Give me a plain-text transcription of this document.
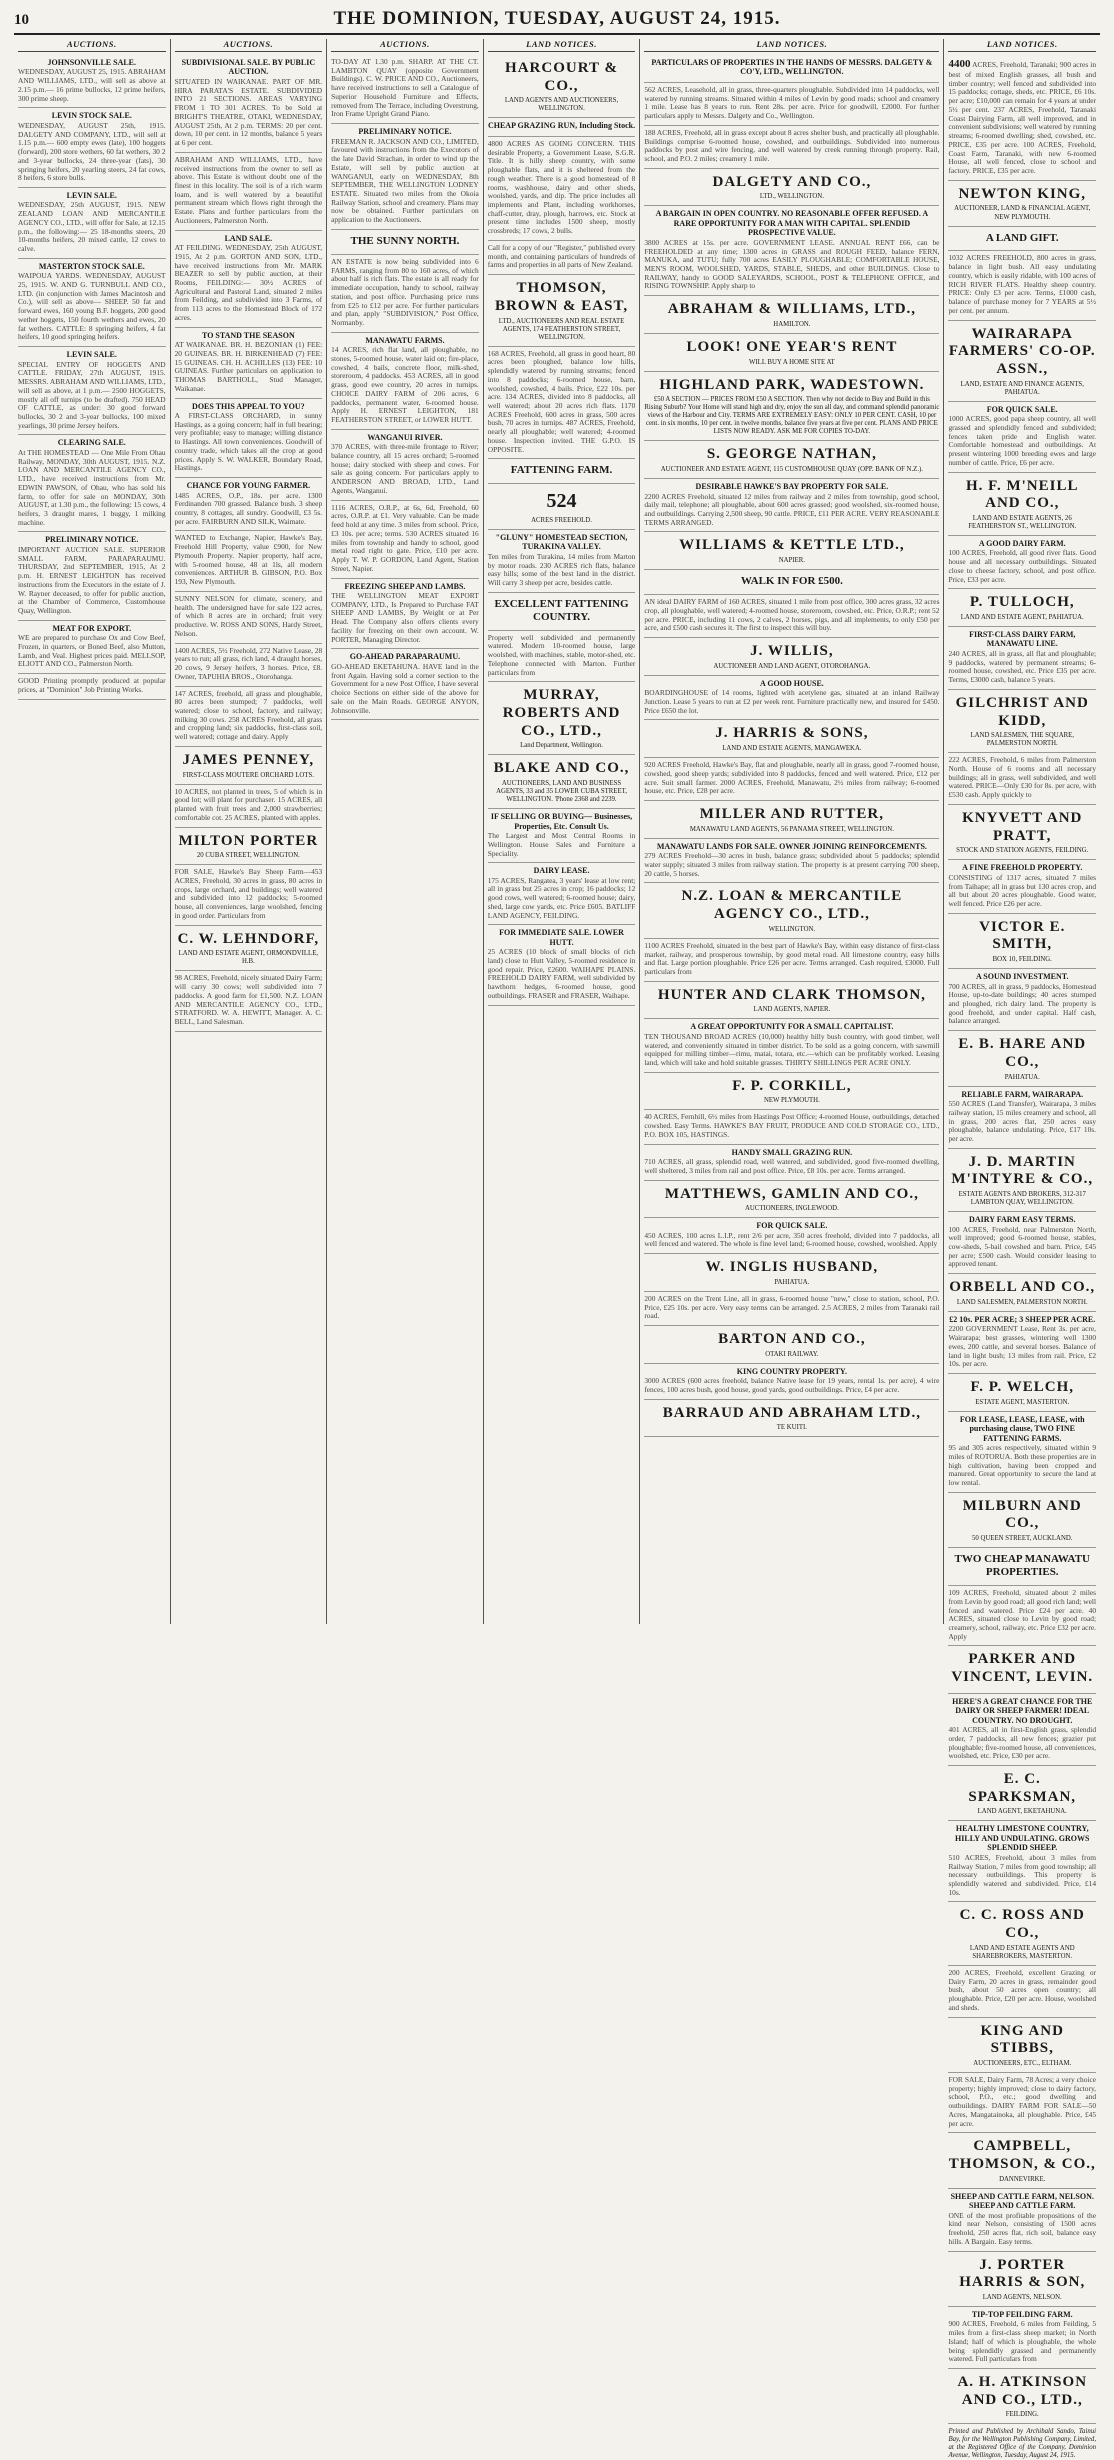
10	THE DOMINION, TUESDAY, AUGUST 24, 1915.
AUCTIONS.
JOHNSONVILLE SALE.
WEDNESDAY, AUGUST 25, 1915. ABRAHAM AND WILLIAMS, LTD., will sell as above at 2.15 p.m.— 16 prime bullocks, 12 prime heifers, 300 prime sheep.
LEVIN STOCK SALE.
WEDNESDAY, AUGUST 25th, 1915. DALGETY AND COMPANY, LTD., will sell at 1.15 p.m.— 600 empty ewes (late), 100 hoggets (forward), 200 store wethers, 60 fat wethers, 30 2 and 3-year bullocks, 24 three-year (fats), 30 springing heifers, 20 yearling steers, 24 fat cows, 8 heifers, 6 store bulls.
LEVIN SALE.
WEDNESDAY, 25th AUGUST, 1915. NEW ZEALAND LOAN AND MERCANTILE AGENCY CO., LTD., will offer for Sale, at 12.15 p.m., the following:— 25 18-months steers, 20 10-months heifers, 20 mixed cattle, 12 cows to calve.
MASTERTON STOCK SALE.
WAIPOUA YARDS. WEDNESDAY, AUGUST 25, 1915. W. AND G. TURNBULL AND CO., LTD. (in conjunction with James Macintosh and Co.), will sell as above— SHEEP. 50 fat and forward ewes, 160 young B.F. hoggets, 200 good wether hoggets, 150 fourth wethers and ewes, 20 fat wethers. CATTLE: 8 springing heifers, 4 fat heifers, 10 good springing heifers.
LEVIN SALE.
SPECIAL ENTRY OF HOGGETS AND CATTLE. FRIDAY, 27th AUGUST, 1915. MESSRS. ABRAHAM AND WILLIAMS, LTD., will sell as above, at 1 p.m.— 2500 HOGGETS, mostly all off turnips (to be drafted). 750 HEAD OF CATTLE, as under: 30 good forward bullocks, 30 2 and 3-year bullocks, 100 mixed yearlings, 30 prime Jersey heifers.
CLEARING SALE.
At THE HOMESTEAD — One Mile From Ohau Railway, MONDAY, 30th AUGUST, 1915. N.Z. LOAN AND MERCANTILE AGENCY CO., LTD., have received instructions from Mr. EDWIN PAWSON, of Ohau, who has sold his farm, to offer for sale on MONDAY, 30th AUGUST, at 1.30 p.m., the following: 15 cows, 4 heifers, 3 draught mares, 1 buggy, 1 milking machine.
PRELIMINARY NOTICE.
IMPORTANT AUCTION SALE. SUPERIOR SMALL FARM, PARAPARAUMU. THURSDAY, 2nd SEPTEMBER, 1915, At 2 p.m. H. ERNEST LEIGHTON has received instructions from the Executors in the estate of J. W. Rayner deceased, to offer for public auction, at the Chamber of Commerce, Customhouse Quay, Wellington.
MEAT FOR EXPORT.
WE are prepared to purchase Ox and Cow Beef, Frozen, in quarters, or Boned Beef, also Mutton, Lamb, and Veal. Highest prices paid. MELLSOP, ELIOTT AND CO., Palmerston North.
GOOD Printing promptly produced at popular prices, at "Dominion" Job Printing Works.
AUCTIONS.
SUBDIVISIONAL SALE. BY PUBLIC AUCTION.
SITUATED IN WAIKANAE. PART OF MR. HIRA PARATA'S ESTATE. SUBDIVIDED INTO 21 SECTIONS. AREAS VARYING FROM 1 TO 301 ACRES. To be Sold at BRIGHT'S THEATRE, OTAKI, WEDNESDAY, AUGUST 25th, At 2 p.m. TERMS: 20 per cent. down, 10 per cent. in 12 months, balance 5 years at 6 per cent.
ABRAHAM AND WILLIAMS, LTD., have received instructions from the owner to sell as above. This Estate is without doubt one of the finest in this locality. The soil is of a rich warm loam, and is well watered by a beautiful permanent stream which flows right through the Estate. Plans and further particulars from the Auctioneers, Palmerston North.
LAND SALE.
AT FEILDING. WEDNESDAY, 25th AUGUST, 1915, At 2 p.m. GORTON AND SON, LTD., have received instructions from Mr. MARK BEAZER to sell by public auction, at their Rooms, FEILDING:— 30½ ACRES of Agricultural and Pastoral Land, situated 2 miles from Feilding, and subdivided into 3 Farms, of from 113 acres to the Homestead Block of 172 acres.
TO STAND THE SEASON
AT WAIKANAE. BR. H. BEZONIAN (1) FEE: 20 GUINEAS. BR. H. BIRKENHEAD (7) FEE: 15 GUINEAS. CH. H. ACHILLES (13) FEE: 10 GUINEAS. Further particulars on application to THOMAS BARTHOLL, Stud Manager, Waikanae.
DOES THIS APPEAL TO YOU?
A FIRST-CLASS ORCHARD, in sunny Hastings, as a going concern; half in full bearing; very profitable; easy to manage; willing distance to Hastings. All town conveniences. Goodwill of country trade, which takes all the crop at good prices. Apply S. W. WALKER, Boundary Road, Hastings.
CHANCE FOR YOUNG FARMER.
1485 ACRES, O.P., 18s. per acre. 1300 Ferdinanden 700 grassed. Balance bush. 3 sheep country, 8 cottages, all sundry. Goodwill, £3 5s. per acre. FAIRBURN AND SILK, Waimate.
WANTED to Exchange, Napier, Hawke's Bay, Freehold Hill Property, value £900, for New Plymouth Property. Napier property, half acre, with 5-roomed house, 48 at 1ls, all modern conveniences. ARTHUR B. GIBSON, P.O. Box 193, New Plymouth.
SUNNY NELSON for climate, scenery, and health. The undersigned have for sale 122 acres, of which 8 acres are in orchard; fruit very productive. W. ROSS AND SONS, Hardy Street, Nelson.
1400 ACRES, 5½ Freehold, 272 Native Lease, 28 years to run; all grass, rich land, 4 draught horses, 20 cows, 9 Jersey heifers, 3 horses. Price, £8. Owner, TAPUHIA BROS., Otorohanga.
147 ACRES, freehold, all grass and ploughable, 80 acres been stumped; 7 paddocks, well watered; close to school, factory, and railway; milking 30 cows. 258 ACRES Freehold, all grass and cropping land; six paddocks, first-class soil, well watered; cottage and dairy. Apply
JAMES PENNEY,
FIRST-CLASS MOUTERE ORCHARD LOTS.
10 ACRES, not planted in trees, 5 of which is in good lot; will plant for purchaser. 15 ACRES, all planted with fruit trees and 2,000 strawberries; comfortable cot. 25 ACRES, planted with apples.
MILTON PORTER
20 CUBA STREET, WELLINGTON.
FOR SALE, Hawke's Bay Sheep Farm—453 ACRES, Freehold, 30 acres in grass, 80 acres in crops, large orchard, and buildings; well watered and subdivided into 12 paddocks; 5-roomed house, all conveniences, large woolshed, fencing in good order. Particulars from
C. W. LEHNDORF,
LAND AND ESTATE AGENT, ORMONDVILLE, H.B.
98 ACRES, Freehold, nicely situated Dairy Farm; will carry 30 cows; well subdivided into 7 paddocks. A good farm for £1,500. N.Z. LOAN AND MERCANTILE AGENCY CO., LTD., STRATFORD. W. A. HEWITT, Manager. A. C. BELL, Land Salesman.
AUCTIONS.
TO-DAY AT 1.30 p.m. SHARP. AT THE CT. LAMBTON QUAY (opposite Government Buildings). C. W. PRICE AND CO., Auctioneers, have received instructions to sell a Catalogue of Superior Household Furniture and Effects, removed from The Terrace, including Overstrung, Iron Frame Upright Grand Piano.
PRELIMINARY NOTICE.
FREEMAN R. JACKSON AND CO., LIMITED, favoured with instructions from the Executors of the late David Strachan, in order to wind up the Estate, will sell by public auction at WANGANUI, early on WEDNESDAY, 8th SEPTEMBER, THE WELLINGTON LODNEY ESTATE. Situated two miles from the Okoia Railway Station, school and creamery. Plans may now be obtained. Further particulars on application to the Auctioneers.
THE SUNNY NORTH.
AN ESTATE is now being subdivided into 6 FARMS, ranging from 80 to 160 acres, of which about half is rich flats. The estate is all ready for immediate occupation, handy to school, railway station, and post office. Purchasing price runs from £25 to £12 per acre. For further particulars and plan, apply "SUBDIVISION," Post Office, Normanby.
MANAWATU FARMS.
14 ACRES, rich flat land, all ploughable, no stones, 5-roomed house, water laid on; fire-place, cowshed, 4 bails, concrete floor, milk-shed, storeroom, 4 paddocks. 453 ACRES, all in good grass, good ewe country, 20 acres in turnips. CHOICE DAIRY FARM of 206 acres, 6 paddocks, permanent water, 6-roomed house. Apply H. ERNEST LEIGHTON, 181 FEATHERSTON STREET, or LOWER HUTT.
WANGANUI RIVER.
370 ACRES, with three-mile frontage to River; balance country, all 15 acres orchard; 5-roomed house; dairy stocked with sheep and cows. For sale as going concern. For particulars apply to ANDERSON AND BROAD, LTD., Land Agents, Wanganui.
1116 ACRES, O.R.P., at 6s, 6d, Freehold, 60 acres, O.R.P. at £1. Very valuable. Can be made feed hold at any time. 3 miles from school. Price, £3 10s. per acre; terms. 530 ACRES situated 16 miles from township and handy to school, good metal road right to gate. Price, £10 per acre. Apply T. W. P. GORDON, Land Agent, Station Street, Napier.
FREEZING SHEEP AND LAMBS.
THE WELLINGTON MEAT EXPORT COMPANY, LTD., Is Prepared to Purchase FAT SHEEP AND LAMBS, By Weight or at Per Head. The Company also offers clients every facility for freezing on their own account. W. PORTER, Managing Director.
GO-AHEAD PARAPARAUMU.
GO-AHEAD EKETAHUNA. HAVE land in the front Again. Having sold a corner section to the Government for a new Post Office, I have several choice Sections on either side of the above for sale on the Main Roads. GEORGE ANYON, Johnsonville.
LAND NOTICES.
HARCOURT & CO.,
LAND AGENTS AND AUCTIONEERS, WELLINGTON.
CHEAP GRAZING RUN, Including Stock.
4800 ACRES AS GOING CONCERN. THIS desirable Property, a Government Lease, S.G.R. Title. It is hilly sheep country, with some ploughable flats, and it is sheltered from the rough weather. There is a good homestead of 8 rooms, washhouse, dairy and other sheds, woolshed, yards, and dip. The price includes all implements and Plant, including workhorses, chaff-cutter, dray, plough, harrows, etc. Stock at present time includes 1500 sheep, mostly crossbreds; 17 cows, 2 bulls.
Call for a copy of our "Register," published every month, and containing particulars of hundreds of farms and properties in all parts of New Zealand.
THOMSON, BROWN & EAST,
LTD., AUCTIONEERS AND REAL ESTATE AGENTS, 174 FEATHERSTON STREET, WELLINGTON.
168 ACRES, Freehold, all grass in good heart, 80 acres been ploughed, balance low hills, splendidly watered by running streams; fenced into 8 paddocks; 6-roomed house, barn, woolshed, cowshed, 4 bails. Price, £22 10s. per acre. 134 ACRES, divided into 8 paddocks, all well watered; about 20 acres rich flats. 1170 ACRES Freehold, 600 acres in grass, 500 acres bush, 70 acres in turnips. 487 ACRES, Freehold, nearly all ploughable; well watered; 4-roomed house. Inspection invited. THE G.P.O. IS OPPOSITE.
FATTENING FARM.
524
ACRES FREEHOLD.
"GLUNY" HOMESTEAD SECTION, TURAKINA VALLEY.
Ten miles from Turakina, 14 miles from Marton by motor roads. 230 ACRES rich flats, balance easy hills; some of the best land in the district. Will carry 3 sheep per acre, besides cattle.
EXCELLENT FATTENING COUNTRY.
Property well subdivided and permanently watered. Modern 10-roomed house, large woolshed, with machines, stable, motor-shed, etc. Telephone connected with Marton. Further particulars from
MURRAY, ROBERTS AND CO., LTD.,
Land Department, Wellington.
BLAKE AND CO.,
AUCTIONEERS, LAND AND BUSINESS AGENTS, 33 and 35 LOWER CUBA STREET, WELLINGTON. 'Phone 2368 and 2239.
IF SELLING OR BUYING— Businesses, Properties, Etc. Consult Us.
The Largest and Most Central Rooms in Wellington. House Sales and Furniture a Speciality.
DAIRY LEASE.
175 ACRES, Rangatea, 3 years' lease at low rent; all in grass but 25 acres in crop; 16 paddocks; 12 good cows, well watered; 6-roomed house; dairy, shed, large cow yards, etc. Price £605. BATLIFF LAND AGENCY, FEILDING.
FOR IMMEDIATE SALE. LOWER HUTT.
25 ACRES (10 block of small blocks of rich land) close to Hutt Valley, 5-roomed residence in good repair. Price, £2600. WAIHAPE PLAINS. FREEHOLD DAIRY FARM, well subdivided by hawthorn hedges, 6-roomed house, good outbuildings. FRASER and FRASER, Waihape.
LAND NOTICES.
PARTICULARS OF PROPERTIES IN THE HANDS OF MESSRS. DALGETY & CO'Y, LTD., WELLINGTON.
562 ACRES, Leasehold, all in grass, three-quarters ploughable. Subdivided into 14 paddocks, well watered by running streams. Situated within 4 miles of Levin by good roads; school and creamery 1 mile. Lease has 8 years to run. Rent 28s. per acre. Price for goodwill, £2000. For further particulars apply to Messrs. Dalgety and Co., Wellington.
188 ACRES, Freehold, all in grass except about 8 acres shelter bush, and practically all ploughable. Buildings comprise 6-roomed house, cowshed, and outbuildings. Subdivided into numerous paddocks by post and wire fencing, and well watered by creek running through property. Rail, school, and P.O. 2 miles; creamery 1 mile.
DALGETY AND CO.,
LTD., WELLINGTON.
A BARGAIN IN OPEN COUNTRY. NO REASONABLE OFFER REFUSED. A RARE OPPORTUNITY FOR A MAN WITH CAPITAL. SPLENDID PROSPECTIVE VALUE.
3800 ACRES at 15s. per acre. GOVERNMENT LEASE. ANNUAL RENT £66, can be FREEHOLDED at any time; 1300 acres in GRASS and ROUGH FEED, balance FERN, MANUKA, and TUTU; fully 700 acres EASILY PLOUGHABLE; COMFORTABLE HOUSE, MEN'S ROOM, WOOLSHED, YARDS, STABLE, SHEDS, and other BUILDINGS. Close to RAILWAY, handy to GOOD SALEYARDS, SCHOOL, POST & TELEPHONE OFFICE, and RISING TOWNSHIP. Apply sharp to
ABRAHAM & WILLIAMS, LTD.,
HAMILTON.
LOOK! ONE YEAR'S RENT
WILL BUY A HOME SITE AT
HIGHLAND PARK, WADESTOWN.
£50 A SECTION — PRICES FROM £50 A SECTION. Then why not decide to Buy and Build in this Rising Suburb? Your Home will stand high and dry, enjoy the sun all day, and command splendid panoramic views of the Harbour and City. TERMS ARE EXTREMELY EASY: ONLY 10 PER CENT. CASH, 10 per cent. in six months, 10 per cent. in twelve months, balance five years at five per cent. PLANS AND PRICE LISTS NOW READY. ASK ME FOR COPIES TO-DAY.
S. GEORGE NATHAN,
AUCTIONEER AND ESTATE AGENT, 115 CUSTOMHOUSE QUAY (OPP. BANK OF N.Z.).
DESIRABLE HAWKE'S BAY PROPERTY FOR SALE.
2200 ACRES Freehold, situated 12 miles from railway and 2 miles from township, good school, daily mail, telephone; all ploughable, about 600 acres grassed; good woolshed, six-roomed house, and outbuildings. Carrying 2,500 sheep, 90 cattle. PRICE, £11 PER ACRE. VERY REASONABLE TERMS ARRANGED.
WILLIAMS & KETTLE LTD.,
NAPIER.
WALK IN FOR £500.
AN ideal DAIRY FARM of 160 ACRES, situated 1 mile from post office, 300 acres grass, 32 acres crop, all ploughable, well watered; 4-roomed house, storeroom, cowshed, etc. Price, O.R.P.; rent 52 per acre. PRICE, including 11 cows, 2 calves, 2 horses, pigs, and all implements, to only £50 per acre, and £500 cash secures it. The first to inspect this will buy.
J. WILLIS,
AUCTIONEER AND LAND AGENT, OTOROHANGA.
A GOOD HOUSE.
BOARDINGHOUSE of 14 rooms, lighted with acetylene gas, situated at an inland Railway Junction. Lease 5 years to run at £2 per week rent. Furniture practically new, and insured for £450. Price £650 the lot.
J. HARRIS & SONS,
LAND AND ESTATE AGENTS, MANGAWEKA.
920 ACRES Freehold, Hawke's Bay, flat and ploughable, nearly all in grass, good 7-roomed house, cowshed, good sheep yards; subdivided into 8 paddocks, fenced and well watered. Price, £12 per acre. Suit small farmer. 2000 ACRES, Freehold, Manawatu, 2½ miles from railway; 6-roomed house, etc. Price, £28 per acre.
MILLER AND RUTTER,
MANAWATU LAND AGENTS, 56 PANAMA STREET, WELLINGTON.
MANAWATU LANDS FOR SALE. OWNER JOINING REINFORCEMENTS.
279 ACRES Freehold—30 acres in bush, balance grass; subdivided about 5 paddocks; splendid water supply; situated 3 miles from railway station. The property is at present carrying 700 sheep, 20 cattle, 5 horses.
N.Z. LOAN & MERCANTILE AGENCY CO., LTD.,
WELLINGTON.
1100 ACRES Freehold, situated in the best part of Hawke's Bay, within easy distance of first-class market, railway, and prosperous township, by good metal road. All limestone country, easy hills and flat. Large portion ploughable. Price £26 per acre. Terms arranged. Cash required, £3000. Full particulars from
HUNTER AND CLARK THOMSON,
LAND AGENTS, NAPIER.
A GREAT OPPORTUNITY FOR A SMALL CAPITALIST.
TEN THOUSAND BROAD ACRES (10,000) healthy hilly bush country, with good timber, well watered, and conveniently situated in timber district. To be sold as a going concern, with sawmill equipped for milling timber—rimu, matai, totara, etc.—which can be profitably worked. Leasing land, which will take and hold suitable grasses. THIRTY SHILLINGS PER ACRE ONLY.
F. P. CORKILL,
NEW PLYMOUTH.
40 ACRES, Fernhill, 6½ miles from Hastings Post Office; 4-roomed House, outbuildings, detached cowshed. Easy Terms. HAWKE'S BAY FRUIT, PRODUCE AND COLD STORAGE CO., LTD., P.O. BOX 105, HASTINGS.
HANDY SMALL GRAZING RUN.
710 ACRES, all grass, splendid road, well watered, and subdivided, good five-roomed dwelling, well sheltered, 3 miles from rail and post office. Price, £8 10s. per acre. Terms arranged.
MATTHEWS, GAMLIN AND CO.,
AUCTIONEERS, INGLEWOOD.
FOR QUICK SALE.
450 ACRES, 100 acres L.I.P., rent 2/6 per acre, 350 acres freehold, divided into 7 paddocks, all well fenced and watered. The whole is fine level land; 6-roomed house, cowshed, woolshed. Apply
W. INGLIS HUSBAND,
PAHIATUA.
200 ACRES on the Trent Line, all in grass, 6-roomed house "new," close to station, school, P.O. Price, £25 10s. per acre. Very easy terms can be arranged. 2.5 ACRES, 2 miles from Taranaki rail road.
BARTON AND CO.,
OTAKI RAILWAY.
KING COUNTRY PROPERTY.
3000 ACRES (600 acres freehold, balance Native lease for 19 years, rental 1s. per acre), 4 wire fences, 100 acres bush, good house, good yards, good outbuildings. Price, £4 per acre.
BARRAUD AND ABRAHAM LTD.,
TE KUITI.
LAND NOTICES.
4400 ACRES, Freehold, Taranaki; 900 acres in best of mixed English grasses, all bush and timber country; well fenced and subdivided into 15 paddocks; cottage, sheds, etc. PRICE, £6 10s. per acre; £10,000 can remain for 4 years at under 5½ per cent. 237 ACRES, Freehold, Taranaki Coast Dairying Farm, all well improved, and in convenient subdivisions; well watered by running streams; 6-roomed dwelling; shed, cowshed, etc. PRICE, £35 per acre. 100 ACRES, Freehold, Coast Farm, Taranaki, with new 6-roomed House, all well fenced, close to school and factory. PRICE, £35 per acre.
NEWTON KING,
AUCTIONEER, LAND & FINANCIAL AGENT, NEW PLYMOUTH.
A LAND GIFT.
1032 ACRES FREEHOLD, 800 acres in grass, balance in light bush. All easy undulating country, which is easily ridable, with 100 acres of RICH RIVER FLATS. Healthy sheep country. PRICE: Only £3 per acre. Terms, £1000 cash, balance of purchase money for 7 YEARS at 5½ per cent. per annum.
WAIRARAPA FARMERS' CO-OP. ASSN.,
LAND, ESTATE AND FINANCE AGENTS, PAHIATUA.
FOR QUICK SALE.
1000 ACRES, good papa sheep country, all well grassed and splendidly fenced and subdivided; fences taken pride and English water. Comfortable homestead and outbuildings. At present wintering 1000 breeding ewes and large number of cattle. Price, £6 per acre.
H. F. M'NEILL AND CO.,
LAND AND ESTATE AGENTS, 26 FEATHERSTON ST., WELLINGTON.
A GOOD DAIRY FARM.
100 ACRES, Freehold, all good river flats. Good house and all necessary outbuildings. Situated close to cheese factory, school, and post office. Price, £33 per acre.
P. TULLOCH,
LAND AND ESTATE AGENT, PAHIATUA.
FIRST-CLASS DAIRY FARM, MANAWATU LINE.
240 ACRES, all in grass, all flat and ploughable; 9 paddocks, watered by permanent streams; 6-roomed house, cowshed, etc. Price £35 per acre. Terms, £3000 cash, balance 5 years.
GILCHRIST AND KIDD,
LAND SALESMEN, THE SQUARE, PALMERSTON NORTH.
222 ACRES, Freehold, 6 miles from Palmerston North. House of 6 rooms and all necessary buildings; all in grass, well subdivided, and well watered. PRICE—Only £30 for 8s. per acre, with £530 cash. Apply quickly to
KNYVETT AND PRATT,
STOCK AND STATION AGENTS, FEILDING.
A FINE FREEHOLD PROPERTY.
CONSISTING of 1317 acres, situated 7 miles from Taihape; all in grass but 130 acres crop, and all but about 20 acres ploughable. Good water, well fenced. Price £26 per acre.
VICTOR E. SMITH,
BOX 10, FEILDING.
A SOUND INVESTMENT.
700 ACRES, all in grass, 9 paddocks, Homestead House, up-to-date buildings; 40 acres stumped and ploughed, rich dairy land. The property is good freehold, and under capital. Half cash, balance arranged.
E. B. HARE AND CO.,
PAHIATUA.
RELIABLE FARM, WAIRARAPA.
550 ACRES (Land Transfer), Wairarapa, 3 miles railway station, 15 miles creamery and school, all in grass, 200 acres flat, 250 acres easy ploughable, balance undulating. Price, £17 10s. per acre.
J. D. MARTIN M'INTYRE & CO.,
ESTATE AGENTS AND BROKERS, 312-317 LAMBTON QUAY, WELLINGTON.
DAIRY FARM EASY TERMS.
100 ACRES, Freehold, near Palmerston North, well improved; good 6-roomed house, stables, cow-sheds, 5-bail cowshed and barn. Price, £45 per acre; £500 cash. Would consider leasing to approved tenant.
ORBELL AND CO.,
LAND SALESMEN, PALMERSTON NORTH.
£2 10s. PER ACRE; 3 SHEEP PER ACRE.
2200 GOVERNMENT Lease, Rent 3s. per acre, Wairarapa; best grasses, wintering well 1300 ewes, 200 cattle, and several horses. Balance of land in light bush; 13 miles from rail. Price, £2 10s. per acre.
F. P. WELCH,
ESTATE AGENT, MASTERTON.
FOR LEASE, LEASE, LEASE, with purchasing clause, TWO FINE FATTENING FARMS.
95 and 305 acres respectively, situated within 9 miles of ROTORUA. Both these properties are in high cultivation, having been cropped and manured. Great opportunity to secure the land at low rental.
MILBURN AND CO.,
50 QUEEN STREET, AUCKLAND.
TWO CHEAP MANAWATU PROPERTIES.
109 ACRES, Freehold, situated about 2 miles from Levin by good road; all good rich land; well fenced and watered. Price £24 per acre. 40 ACRES, situated close to Levin by good road; creamery, school, railway, etc. Price £32 per acre. Apply
PARKER AND VINCENT, LEVIN.
HERE'S A GREAT CHANCE FOR THE DAIRY OR SHEEP FARMER! IDEAL COUNTRY. NO DROUGHT.
401 ACRES, all in first-English grass, splendid order, 7 paddocks, all new fences; grazier put ploughable; five-roomed house, all conveniences, woolshed, etc. Price, £30 per acre.
E. C. SPARKSMAN,
LAND AGENT, EKETAHUNA.
HEALTHY LIMESTONE COUNTRY, HILLY AND UNDULATING. GROWS SPLENDID SHEEP.
510 ACRES, Freehold, about 3 miles from Railway Station, 7 miles from good township; all necessary outbuildings. This property is splendidly watered and subdivided. Price, £14 10s.
C. C. ROSS AND CO.,
LAND AND ESTATE AGENTS AND SHAREBROKERS, MASTERTON.
200 ACRES, Freehold, excellent Grazing or Dairy Farm, 20 acres in grass, remainder good bush, about 50 acres open country; all ploughable. Price, £20 per acre. House, woolshed and sheds.
KING AND STIBBS,
AUCTIONEERS, ETC., ELTHAM.
FOR SALE, Dairy Farm, 78 Acres; a very choice property; highly improved; close to dairy factory, school, P.O., etc.; good dwelling and outbuildings. DAIRY FARM FOR SALE—50 Acres, Mangatainoka, all ploughable. Price, £45 per acre.
CAMPBELL, THOMSON, & CO.,
DANNEVIRKE.
SHEEP AND CATTLE FARM, NELSON. SHEEP AND CATTLE FARM.
ONE of the most profitable propositions of the kind near Nelson, consisting of 1500 acres freehold, 250 acres flat, rich soil, balance easy hills. A Bargain. Easy terms.
J. PORTER HARRIS & SON,
LAND AGENTS, NELSON.
TIP-TOP FEILDING FARM.
900 ACRES, Freehold, 6 miles from Feilding, 5 miles from a first-class sheep market; in North Island; half of which is ploughable, the whole being splendidly grassed and permanently watered. Full particulars from
A. H. ATKINSON AND CO., LTD.,
FEILDING.
Printed and Published by Archibald Sando, Tainui Bay, for the Wellington Publishing Company, Limited, at the Registered Office of the Company, Dominion Avenue, Wellington, Tuesday, August 24, 1915.
